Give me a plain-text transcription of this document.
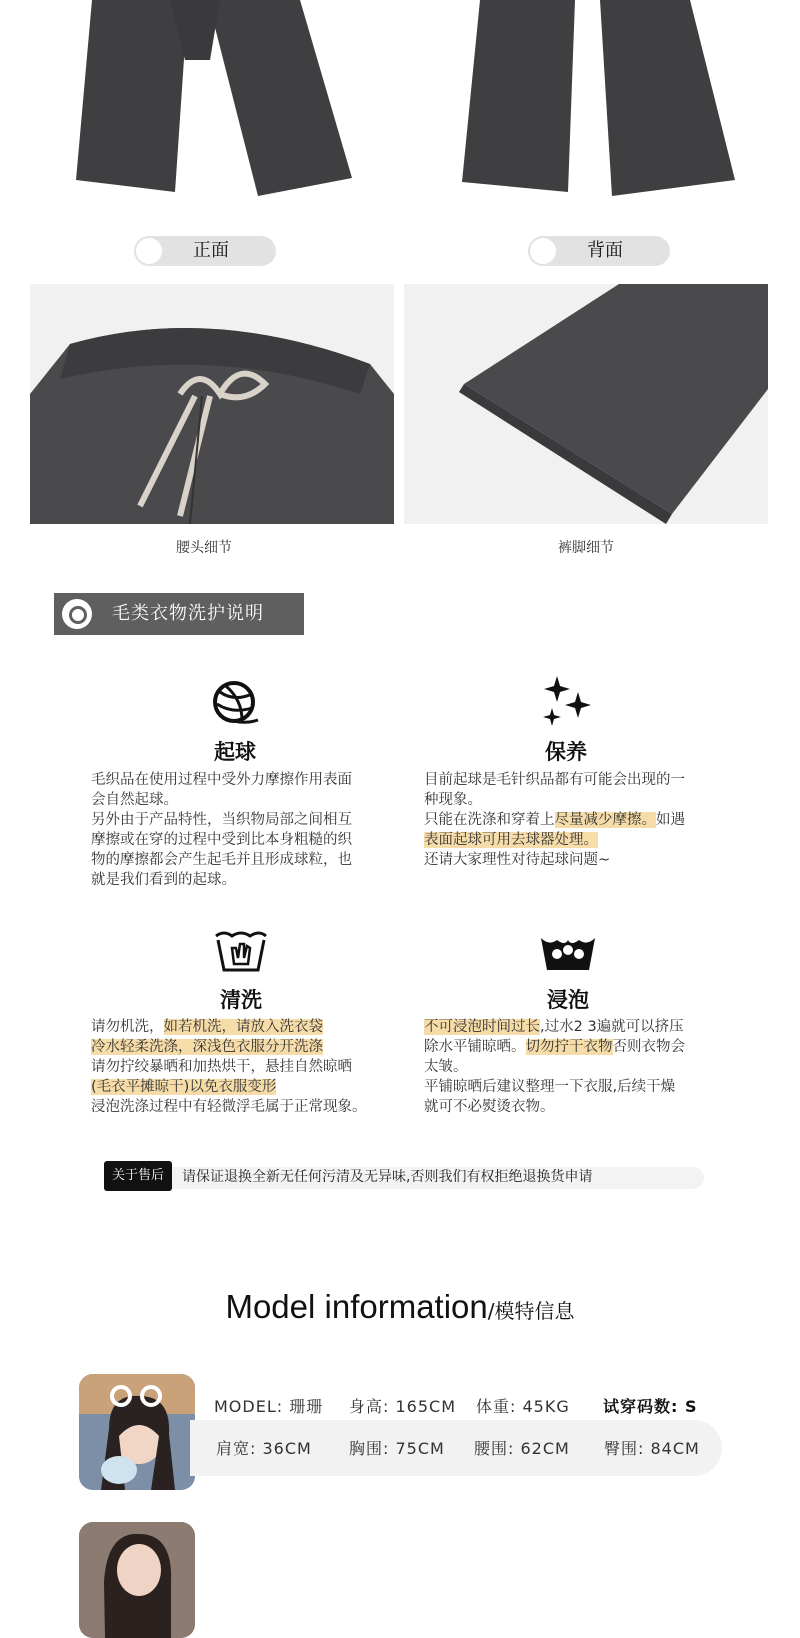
正面	背面
腰头细节	裤脚细节
毛类衣物洗护说明
起球
毛织品在使用过程中受外力摩擦作用表面
会自然起球。
另外由于产品特性，当织物局部之间相互
摩擦或在穿的过程中受到比本身粗糙的织
物的摩擦都会产生起毛并且形成球粒，也
就是我们看到的起球。
保养
目前起球是毛针织品都有可能会出现的一
种现象。
只能在洗涤和穿着上尽量减少摩擦。如遇
表面起球可用去球器处理。
还请大家理性对待起球问题~
清洗
请勿机洗，如若机洗，请放入洗衣袋
冷水轻柔洗涤，深浅色衣服分开洗涤
请勿拧绞暴晒和加热烘干，悬挂自然晾晒
(毛衣平摊晾干)以免衣服变形
浸泡洗涤过程中有轻微浮毛属于正常现象。
浸泡
不可浸泡时间过长,过水2 3遍就可以挤压
除水平铺晾晒。切勿拧干衣物否则衣物会
太皱。
平铺晾晒后建议整理一下衣服,后续干燥
就可不必熨烫衣物。
关于售后	请保证退换全新无任何污清及无异味,否则我们有权拒绝退换货申请
Model information/模特信息
MODEL: 珊珊 身高: 165CM 体重: 45KG 试穿码数: S
肩宽: 36CM 胸围: 75CM 腰围: 62CM 臀围: 84CM
